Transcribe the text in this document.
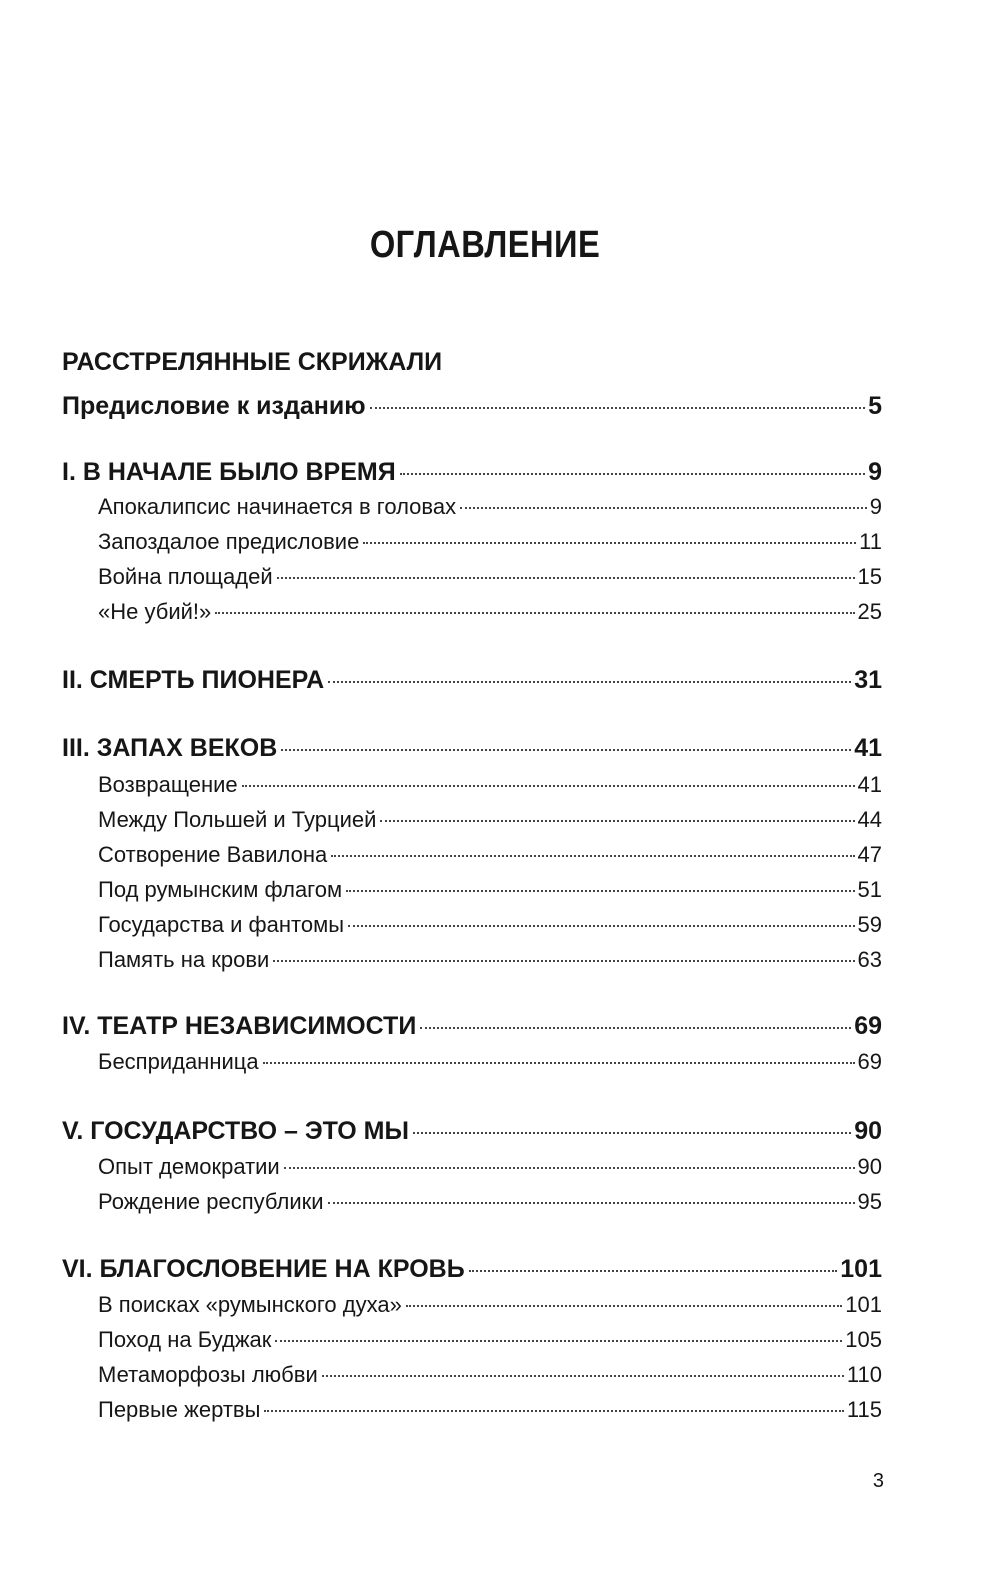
ОГЛАВЛЕНИЕ
РАССТРЕЛЯННЫЕ СКРИЖАЛИ
Предисловие к изданию	5
I. В НАЧАЛЕ БЫЛО ВРЕМЯ	9
Апокалипсис начинается в головах	9
Запоздалое предисловие	11
Война площадей	15
«Не убий!»	25
II. СМЕРТЬ ПИОНЕРА	31
III. ЗАПАХ ВЕКОВ	41
Возвращение	41
Между Польшей и Турцией	44
Сотворение Вавилона	47
Под румынским флагом	51
Государства и фантомы	59
Память на крови	63
IV. ТЕАТР НЕЗАВИСИМОСТИ	69
Бесприданница	69
V. ГОСУДАРСТВО – ЭТО МЫ	90
Опыт демократии	90
Рождение республики	95
VI. БЛАГОСЛОВЕНИЕ НА КРОВЬ	101
В поисках «румынского духа»	101
Поход на Буджак	105
Метаморфозы любви	110
Первые жертвы	115
3
